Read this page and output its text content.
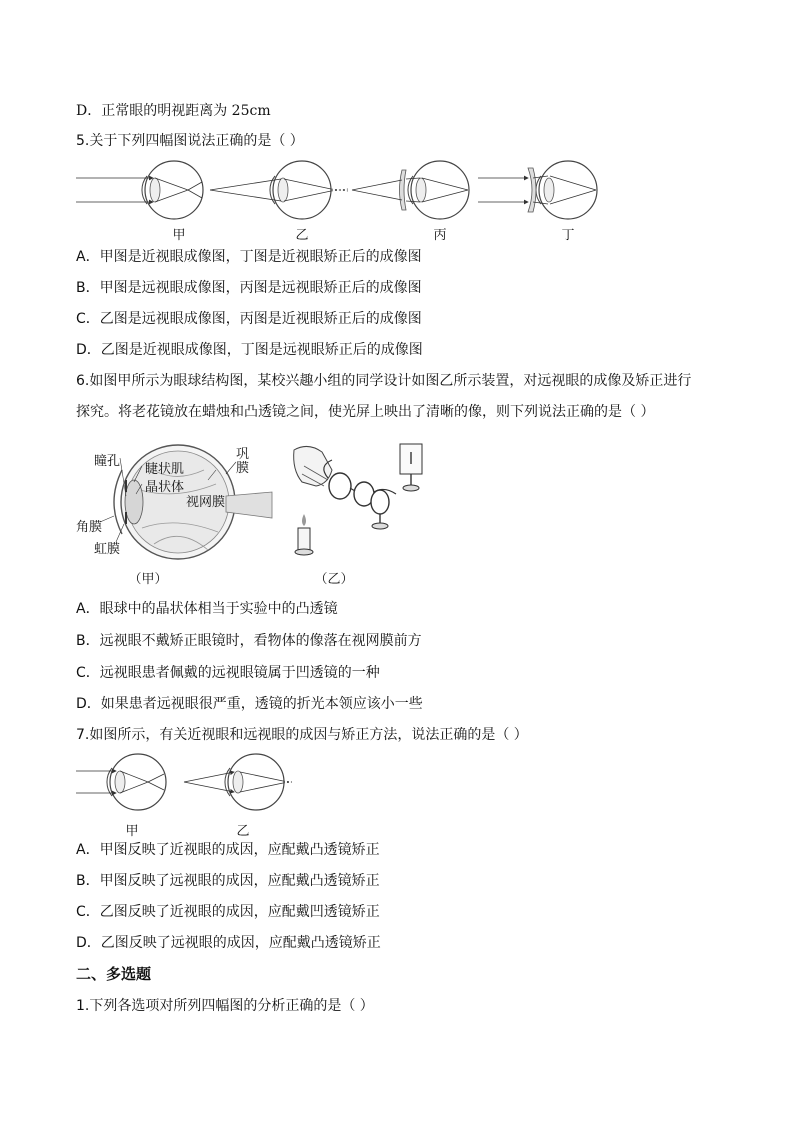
D．正常眼的明视距离为 25cm
5.关于下列四幅图说法正确的是（ ）
甲	乙	丙	丁
A．甲图是近视眼成像图，丁图是近视眼矫正后的成像图
B．甲图是远视眼成像图，丙图是远视眼矫正后的成像图
C．乙图是远视眼成像图，丙图是近视眼矫正后的成像图
D．乙图是近视眼成像图，丁图是远视眼矫正后的成像图
6.如图甲所示为眼球结构图，某校兴趣小组的同学设计如图乙所示装置，对远视眼的成像及矫正进行
探究。将老花镜放在蜡烛和凸透镜之间，使光屏上映出了清晰的像，则下列说法正确的是（ ）
瞳孔
睫状肌
晶状体
巩膜
视网膜
角膜
虹膜
（甲）	（乙）
A．眼球中的晶状体相当于实验中的凸透镜
B．远视眼不戴矫正眼镜时，看物体的像落在视网膜前方
C．远视眼患者佩戴的远视眼镜属于凹透镜的一种
D．如果患者远视眼很严重，透镜的折光本领应该小一些
7.如图所示，有关近视眼和远视眼的成因与矫正方法，说法正确的是（ ）
甲	乙
A．甲图反映了近视眼的成因，应配戴凸透镜矫正
B．甲图反映了远视眼的成因，应配戴凸透镜矫正
C．乙图反映了近视眼的成因，应配戴凹透镜矫正
D．乙图反映了远视眼的成因，应配戴凸透镜矫正
二、多选题
1.下列各选项对所列四幅图的分析正确的是（ ）
